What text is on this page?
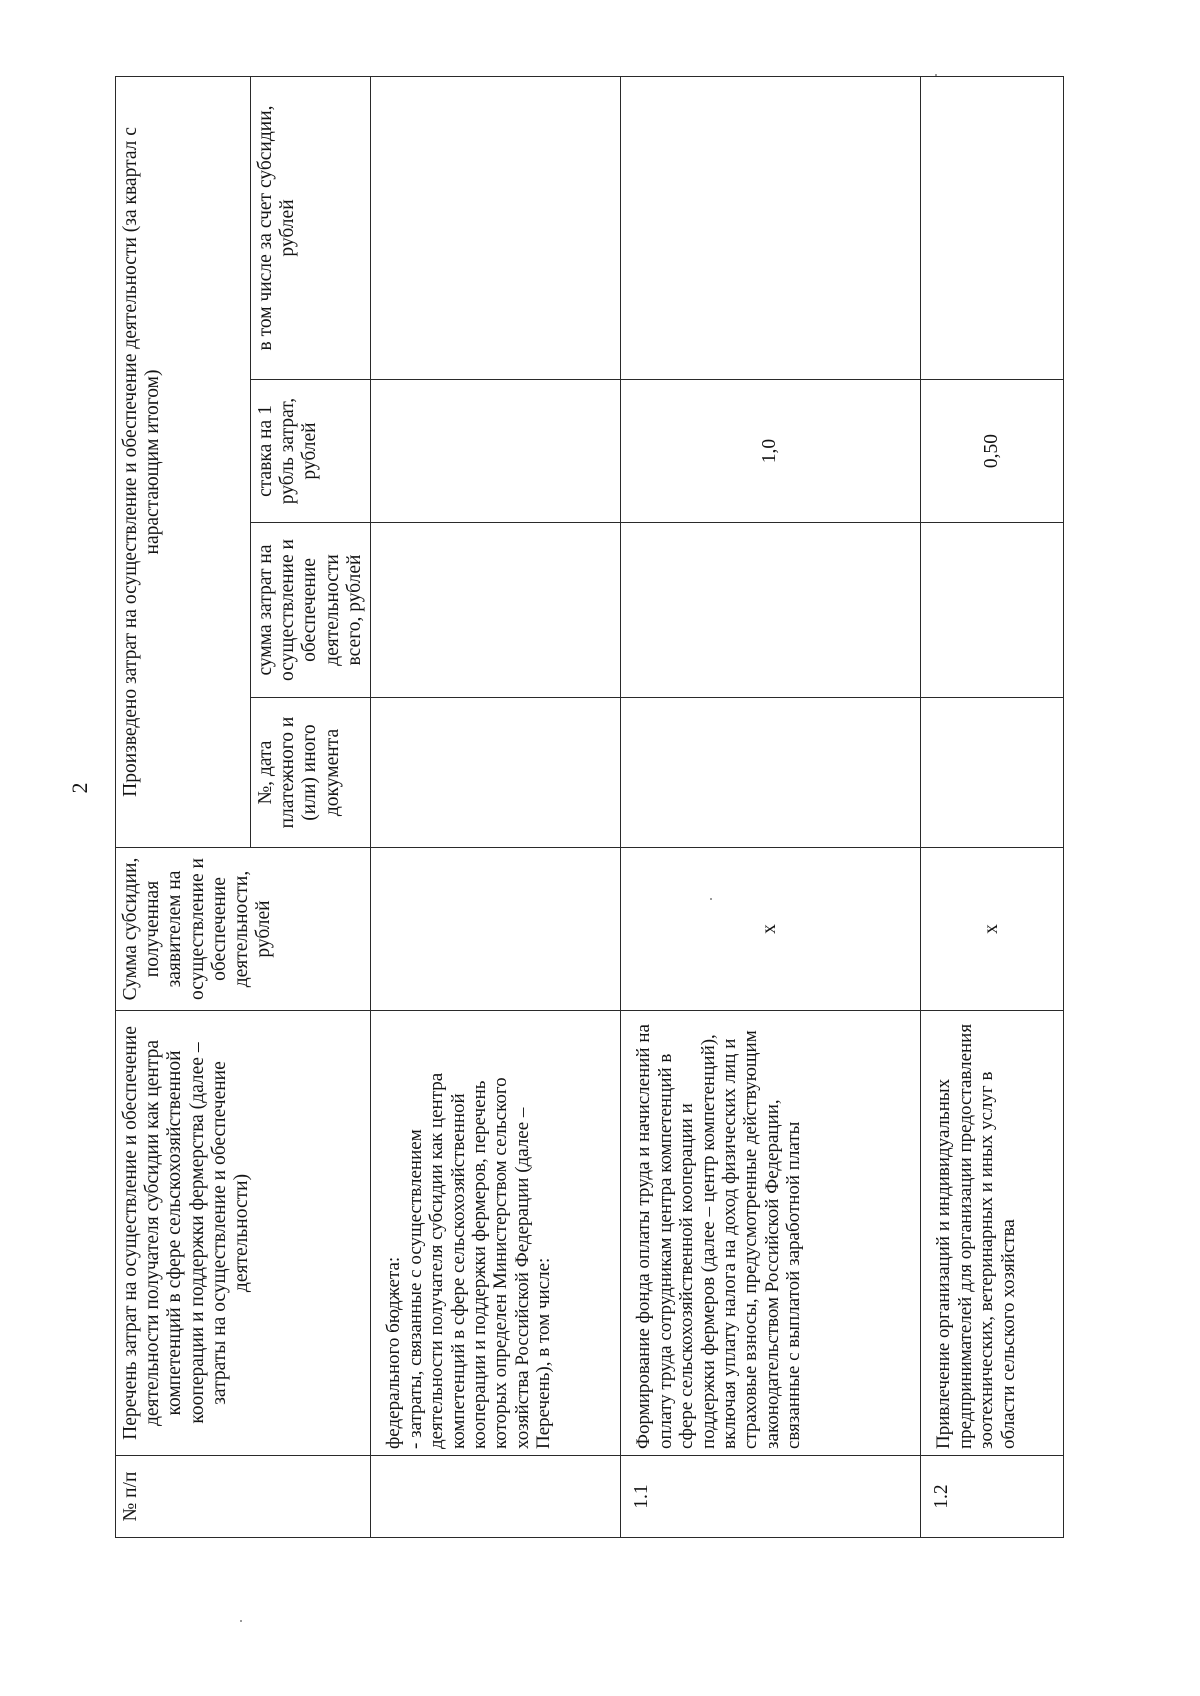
2
№ п/п	Перечень затрат на осуществление и обеспечение деятельности получателя субсидии как центра компетенций в сфере сельскохозяйственной кооперации и поддержки фермерства (далее – затраты на осуществление и обеспечение деятельности)	Сумма субсидии, полученная заявителем на осуществление и обеспечение деятельности, рублей	Произведено затрат на осуществление и обеспечение деятельности (за квартал с нарастающим итогом)			
			№, дата платежного и (или) иного документа	сумма затрат на осуществление и обеспечение деятельности всего, рублей	ставка на 1 рубль затрат, рублей	в том числе за счет субсидии, рублей
	федерального бюджета:
- затраты, связанные с осуществлением деятельности получателя субсидии как центра компетенций в сфере сельскохозяйственной кооперации и поддержки фермеров, перечень которых определен Министерством сельского хозяйства Российской Федерации (далее – Перечень), в том числе:					
1.1	Формирование фонда оплаты труда и начислений на оплату труда сотрудникам центра компетенций в сфере сельскохозяйственной кооперации и поддержки фермеров (далее – центр компетенций), включая уплату налога на доход физических лиц и страховые взносы, предусмотренные действующим законодательством Российской Федерации, связанные с выплатой заработной платы	x			1,0	
1.2	Привлечение организаций и индивидуальных предпринимателей для организации предоставления зоотехнических, ветеринарных и иных услуг в области сельского хозяйства	x			0,50	
